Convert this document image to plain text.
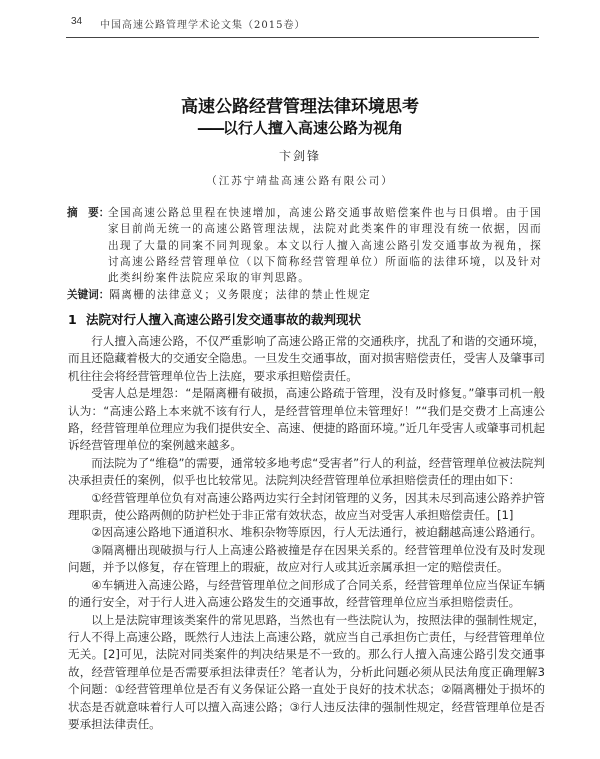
34 中国高速公路管理学术论文集（2015卷）
高速公路经营管理法律环境思考
——以行人擅入高速公路为视角
卞剑锋
（江苏宁靖盐高速公路有限公司）
摘　要：
全国高速公路总里程在快速增加，高速公路交通事故赔偿案件也与日俱增。由于国家目前尚无统一的高速公路管理法规，法院对此类案件的审理没有统一依据，因而出现了大量的同案不同判现象。本文以行人擅入高速公路引发交通事故为视角，探讨高速公路经营管理单位（以下简称经营管理单位）所面临的法律环境，以及针对此类纠纷案件法院应采取的审判思路。
关键词： 隔离栅的法律意义；义务限度；法律的禁止性规定
1 法院对行人擅入高速公路引发交通事故的裁判现状

行人擅入高速公路，不仅严重影响了高速公路正常的交通秩序，扰乱了和谐的交通环境，而且还隐藏着极大的交通安全隐患。一旦发生交通事故，面对损害赔偿责任，受害人及肇事司机往往会将经营管理单位告上法庭，要求承担赔偿责任。

受害人总是埋怨：“是隔离栅有破损，高速公路疏于管理，没有及时修复。”肇事司机一般认为：“高速公路上本来就不该有行人，是经营管理单位未管理好！”“我们是交费才上高速公路，经营管理单位理应为我们提供安全、高速、便捷的路面环境。”近几年受害人或肇事司机起诉经营管理单位的案例越来越多。

而法院为了“维稳”的需要，通常较多地考虑“受害者”行人的利益，经营管理单位被法院判决承担责任的案例，似乎也比较常见。法院判决经营管理单位承担赔偿责任的理由如下：

①经营管理单位负有对高速公路两边实行全封闭管理的义务，因其未尽到高速公路养护管理职责，使公路两侧的防护栏处于非正常有效状态，故应当对受害人承担赔偿责任。[1]

②因高速公路地下通道积水、堆积杂物等原因，行人无法通行，被迫翻越高速公路通行。

③隔离栅出现破损与行人上高速公路被撞是存在因果关系的。经营管理单位没有及时发现问题，并予以修复，存在管理上的瑕疵，故应对行人或其近亲属承担一定的赔偿责任。

④车辆进入高速公路，与经营管理单位之间形成了合同关系，经营管理单位应当保证车辆的通行安全，对于行人进入高速公路发生的交通事故，经营管理单位应当承担赔偿责任。

以上是法院审理该类案件的常见思路，当然也有一些法院认为，按照法律的强制性规定，行人不得上高速公路，既然行人违法上高速公路，就应当自己承担伤亡责任，与经营管理单位无关。[2]可见，法院对同类案件的判决结果是不一致的。那么行人擅入高速公路引发交通事故，经营管理单位是否需要承担法律责任？笔者认为，分析此问题必须从民法角度正确理解3个问题：①经营管理单位是否有义务保证公路一直处于良好的技术状态；②隔离栅处于损坏的状态是否就意味着行人可以擅入高速公路；③行人违反法律的强制性规定，经营管理单位是否要承担法律责任。
